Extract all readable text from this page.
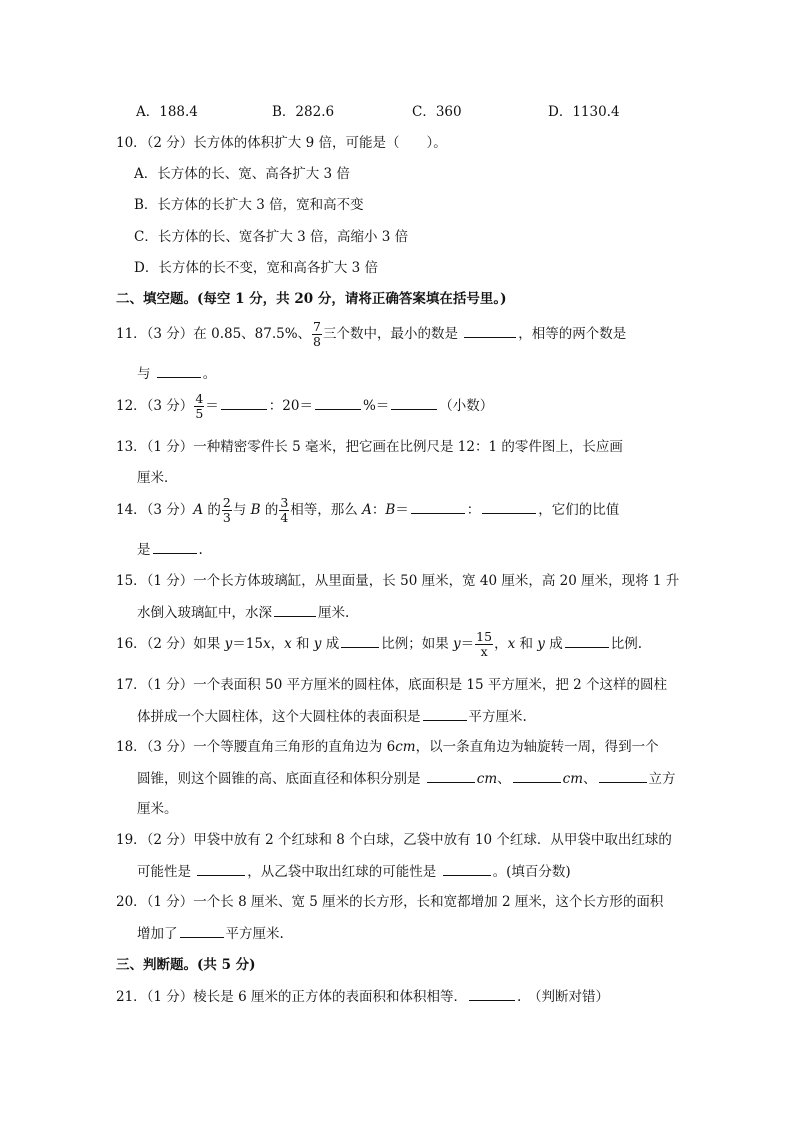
A．188.4	B．282.6	C．360	D．1130.4
10．（2 分）长方体的体积扩大 9 倍，可能是（　　）。
A．长方体的长、宽、高各扩大 3 倍
B．长方体的长扩大 3 倍，宽和高不变
C．长方体的长、宽各扩大 3 倍，高缩小 3 倍
D．长方体的长不变，宽和高各扩大 3 倍
二、填空题。(每空 1 分，共 20 分，请将正确答案填在括号里。)
11．（3 分）在 0.85、87.5%、 $\frac{7}{8}$ 三个数中，最小的数是	，相等的两个数是
与	。
12．（3 分） $\frac{4}{5}$ ＝	：20＝	%＝	（小数）
13．（1 分）一种精密零件长 5 毫米，把它画在比例尺是 12：1 的零件图上，长应画
厘米．
14．（3 分）A 的 $\frac{2}{3}$ 与 B 的 $\frac{3}{4}$ 相等，那么 A：B＝	：	，它们的比值
是	.
15．（1 分）一个长方体玻璃缸，从里面量，长 50 厘米，宽 40 厘米，高 20 厘米，现将 1 升
水倒入玻璃缸中，水深	厘米.
16．（2 分）如果 y＝15x，x 和 y 成	比例；如果 $y= \frac{15}{x}$ ，x 和 y 成	比例.
17．（1 分）一个表面积 50 平方厘米的圆柱体，底面积是 15 平方厘米，把 2 个这样的圆柱
体拼成一个大圆柱体，这个大圆柱体的表面积是	平方厘米.
18．（3 分）一个等腰直角三角形的直角边为 6cm，以一条直角边为轴旋转一周，得到一个
圆锥，则这个圆锥的高、底面直径和体积分别是	cm、	cm、	立方
厘米。
19．（2 分）甲袋中放有 2 个红球和 8 个白球，乙袋中放有 10 个红球．从甲袋中取出红球的
可能性是	，从乙袋中取出红球的可能性是	。(填百分数)
20．（1 分）一个长 8 厘米、宽 5 厘米的长方形，长和宽都增加 2 厘米，这个长方形的面积
增加了	平方厘米.
三、判断题。(共 5 分)
21．（1 分）棱长是 6 厘米的正方体的表面积和体积相等．	.　（判断对错）
